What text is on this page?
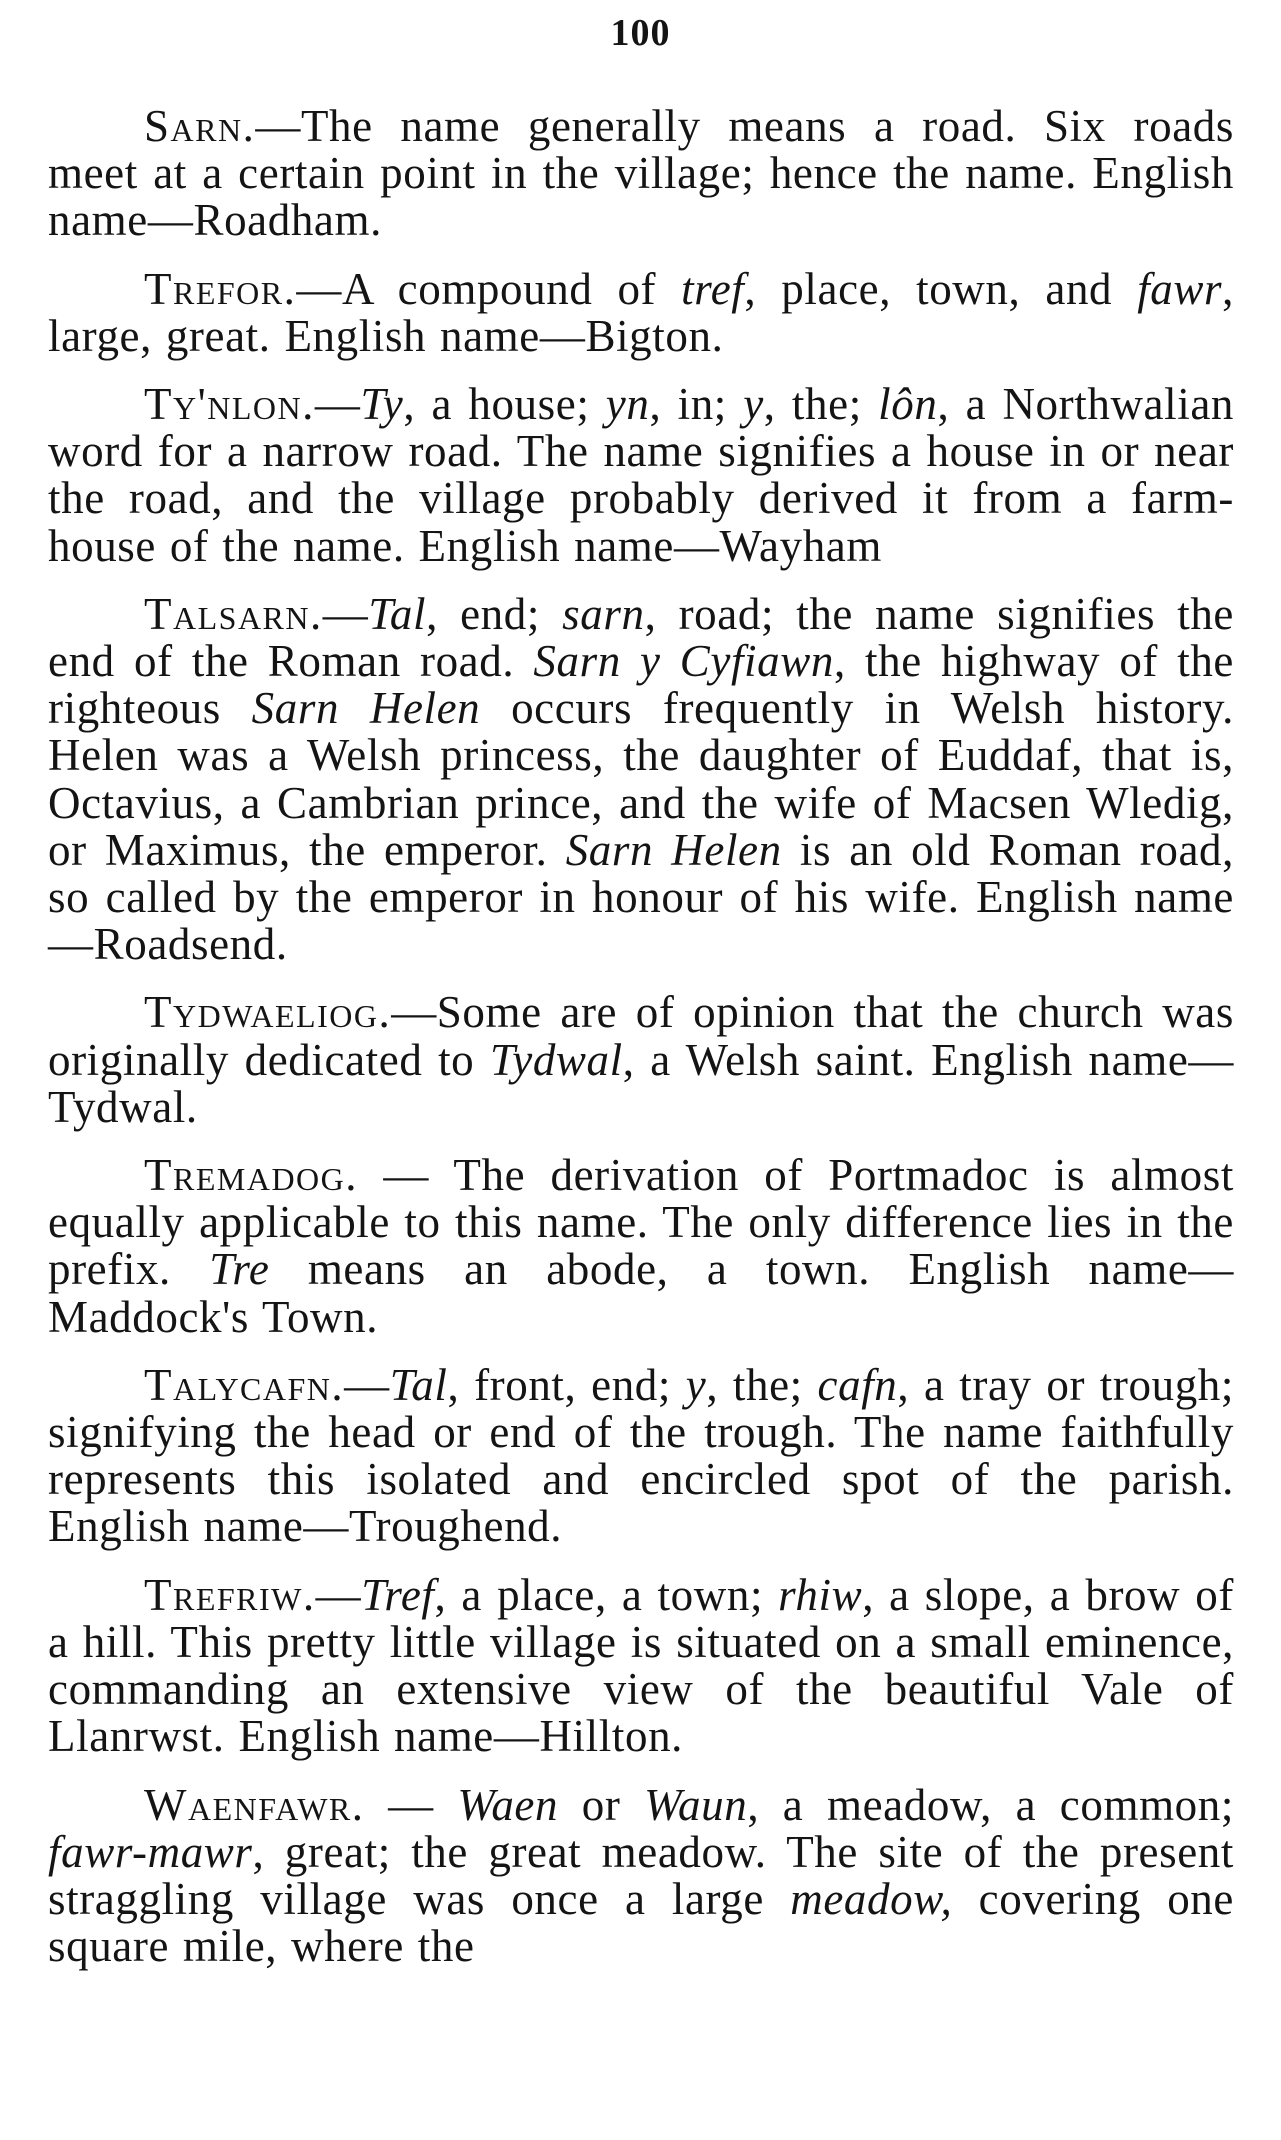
100

Sarn.—The name generally means a road. Six roads meet at a certain point in the village; hence the name. English name—Roadham.

Trefor.—A compound of tref, place, town, and fawr, large, great. English name—Bigton.

Ty'nlon.—Ty, a house; yn, in; y, the; lôn, a Northwalian word for a narrow road. The name signifies a house in or near the road, and the village probably derived it from a farm-house of the name. English name—Wayham

Talsarn.—Tal, end; sarn, road; the name signifies the end of the Roman road. Sarn y Cyfiawn, the highway of the righteous Sarn Helen occurs frequently in Welsh history. Helen was a Welsh princess, the daughter of Euddaf, that is, Octavius, a Cambrian prince, and the wife of Macsen Wledig, or Maximus, the emperor. Sarn Helen is an old Roman road, so called by the emperor in honour of his wife. English name—Roadsend.

Tydwaeliog.—Some are of opinion that the church was originally dedicated to Tydwal, a Welsh saint. English name—Tydwal.

Tremadog. — The derivation of Portmadoc is almost equally applicable to this name. The only difference lies in the prefix. Tre means an abode, a town. English name—Maddock's Town.

Talycafn.—Tal, front, end; y, the; cafn, a tray or trough; signifying the head or end of the trough. The name faithfully represents this isolated and encircled spot of the parish. English name—Troughend.

Trefriw.—Tref, a place, a town; rhiw, a slope, a brow of a hill. This pretty little village is situated on a small eminence, commanding an extensive view of the beautiful Vale of Llanrwst. English name—Hillton.

Waenfawr. — Waen or Waun, a meadow, a common; fawr-mawr, great; the great meadow. The site of the present straggling village was once a large meadow, covering one square mile, where the
